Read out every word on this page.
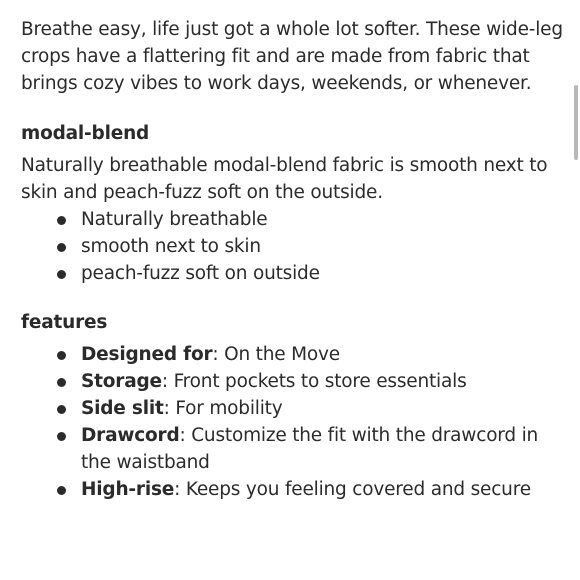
Breathe easy, life just got a whole lot softer. These wide-leg crops have a flattering fit and are made from fabric that brings cozy vibes to work days, weekends, or whenever.

modal-blend

Naturally breathable modal-blend fabric is smooth next to skin and peach-fuzz soft on the outside.

Naturally breathable
smooth next to skin
peach-fuzz soft on outside
features
Designed for: On the Move
Storage: Front pockets to store essentials
Side slit: For mobility
Drawcord: Customize the fit with the drawcord in the waistband
High-rise: Keeps you feeling covered and secure
